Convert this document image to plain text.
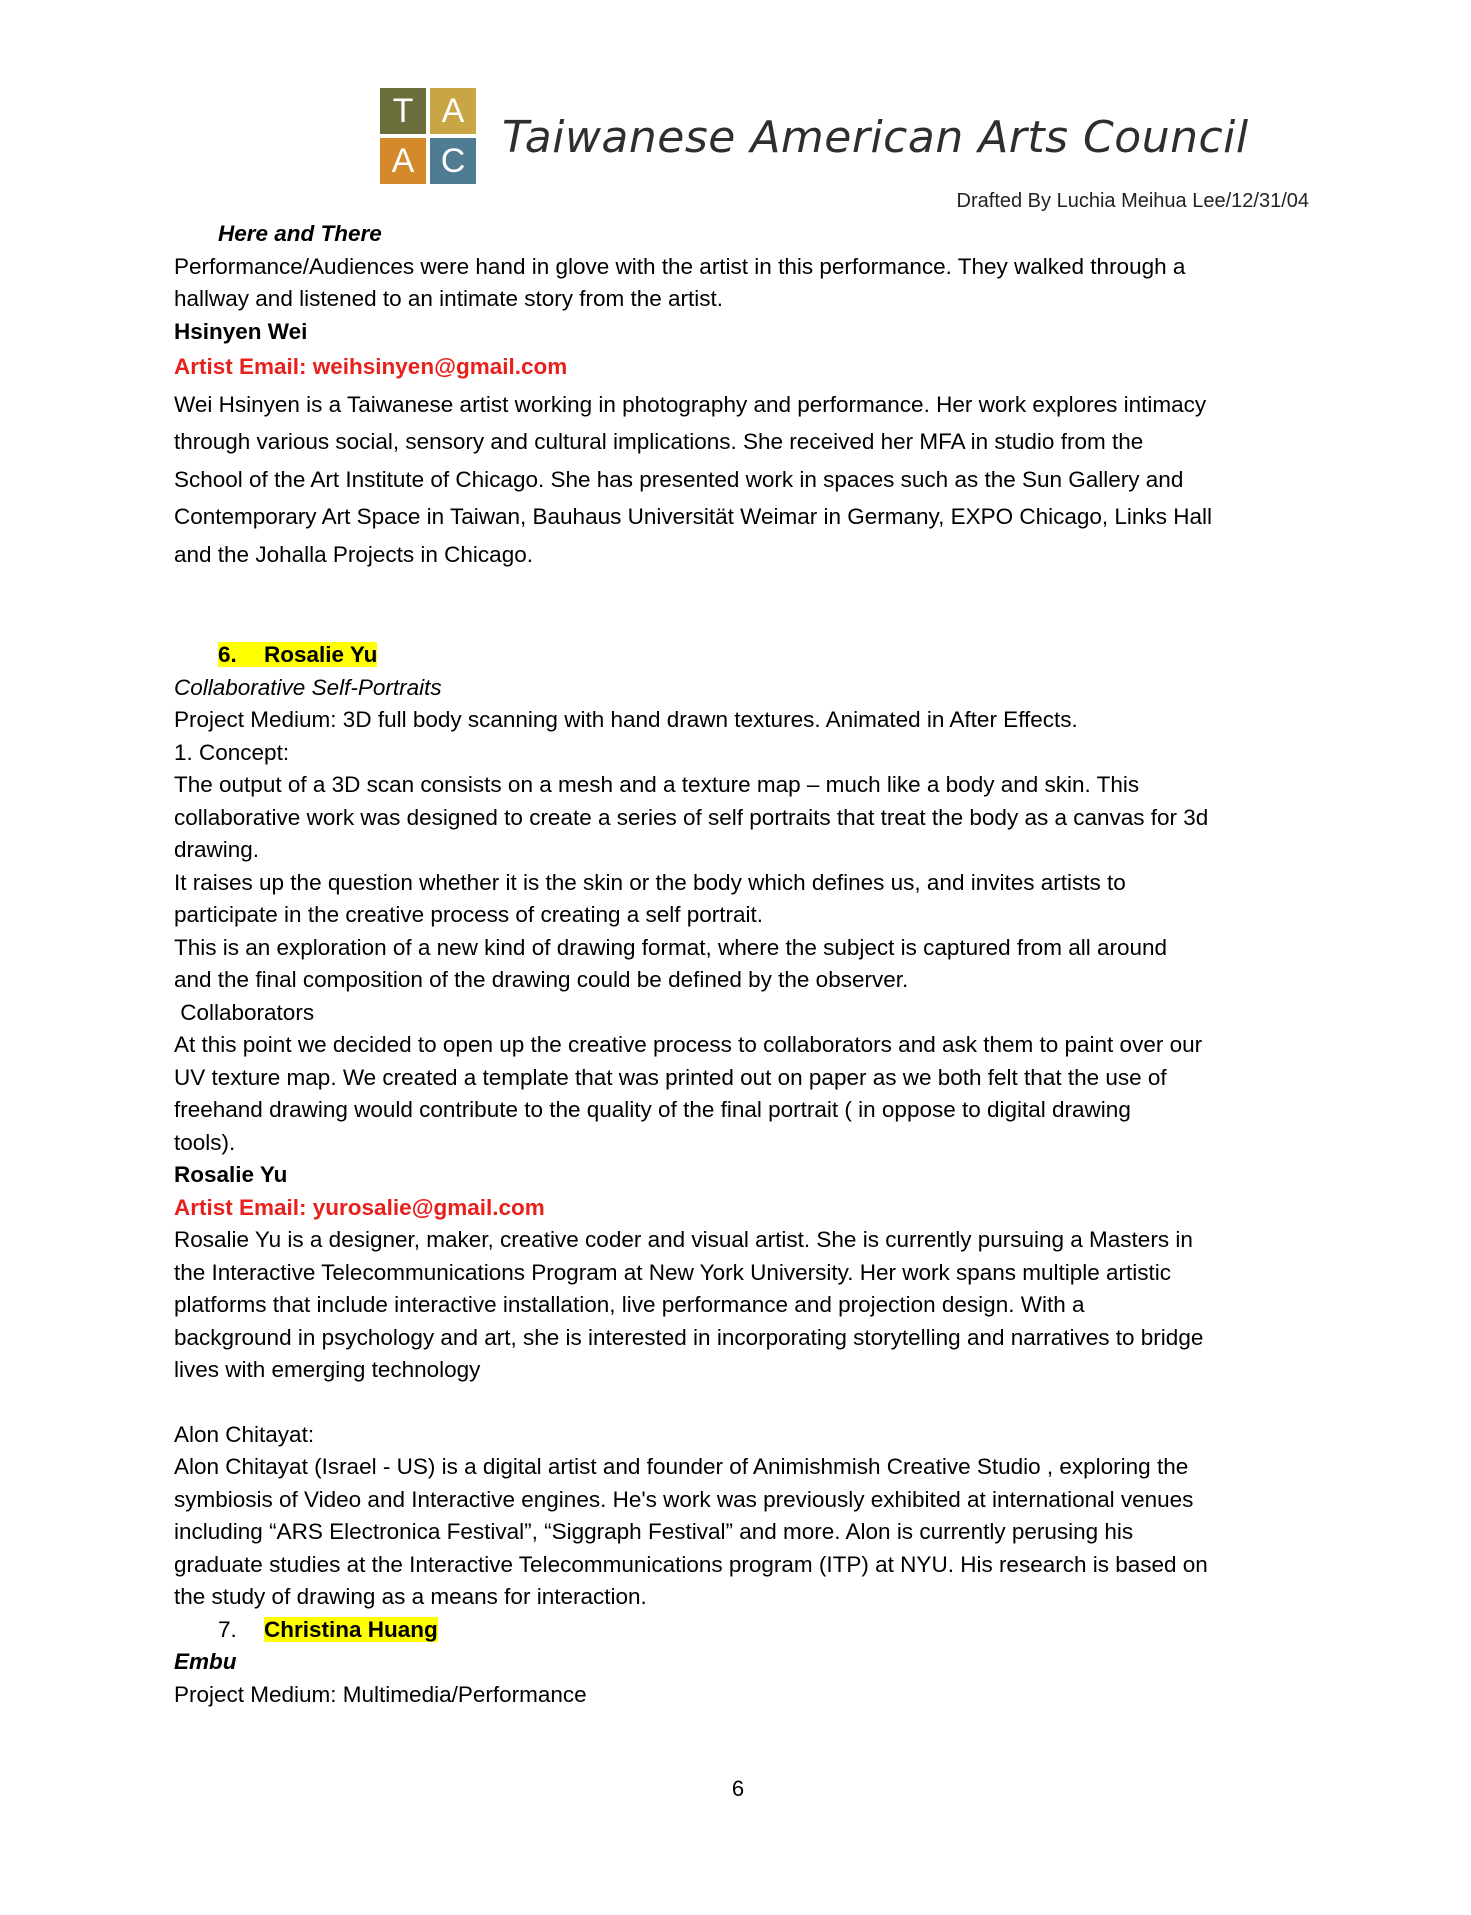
T A
A C Taiwanese American Arts Council
Drafted By Luchia Meihua Lee/12/31/04
Here and There
Performance/Audiences were hand in glove with the artist in this performance. They walked through a
hallway and listened to an intimate story from the artist.
Hsinyen Wei
Artist Email: weihsinyen@gmail.com
Wei Hsinyen is a Taiwanese artist working in photography and performance. Her work explores intimacy
through various social, sensory and cultural implications. She received her MFA in studio from the
School of the Art Institute of Chicago. She has presented work in spaces such as the Sun Gallery and
Contemporary Art Space in Taiwan, Bauhaus Universität Weimar in Germany, EXPO Chicago, Links Hall
and the Johalla Projects in Chicago.
6. Rosalie Yu
Collaborative Self-Portraits
Project Medium: 3D full body scanning with hand drawn textures. Animated in After Effects.
1. Concept:
The output of a 3D scan consists on a mesh and a texture map – much like a body and skin. This
collaborative work was designed to create a series of self portraits that treat the body as a canvas for 3d
drawing.
It raises up the question whether it is the skin or the body which defines us, and invites artists to
participate in the creative process of creating a self portrait.
This is an exploration of a new kind of drawing format, where the subject is captured from all around
and the final composition of the drawing could be defined by the observer.
Collaborators
At this point we decided to open up the creative process to collaborators and ask them to paint over our
UV texture map. We created a template that was printed out on paper as we both felt that the use of
freehand drawing would contribute to the quality of the final portrait ( in oppose to digital drawing
tools).
Rosalie Yu
Artist Email: yurosalie@gmail.com
Rosalie Yu is a designer, maker, creative coder and visual artist. She is currently pursuing a Masters in
the Interactive Telecommunications Program at New York University. Her work spans multiple artistic
platforms that include interactive installation, live performance and projection design. With a
background in psychology and art, she is interested in incorporating storytelling and narratives to bridge
lives with emerging technology
Alon Chitayat:
Alon Chitayat (Israel - US) is a digital artist and founder of Animishmish Creative Studio , exploring the
symbiosis of Video and Interactive engines. He's work was previously exhibited at international venues
including “ARS Electronica Festival”, “Siggraph Festival” and more. Alon is currently perusing his
graduate studies at the Interactive Telecommunications program (ITP) at NYU. His research is based on
the study of drawing as a means for interaction.
7. Christina Huang
Embu
Project Medium: Multimedia/Performance
6
